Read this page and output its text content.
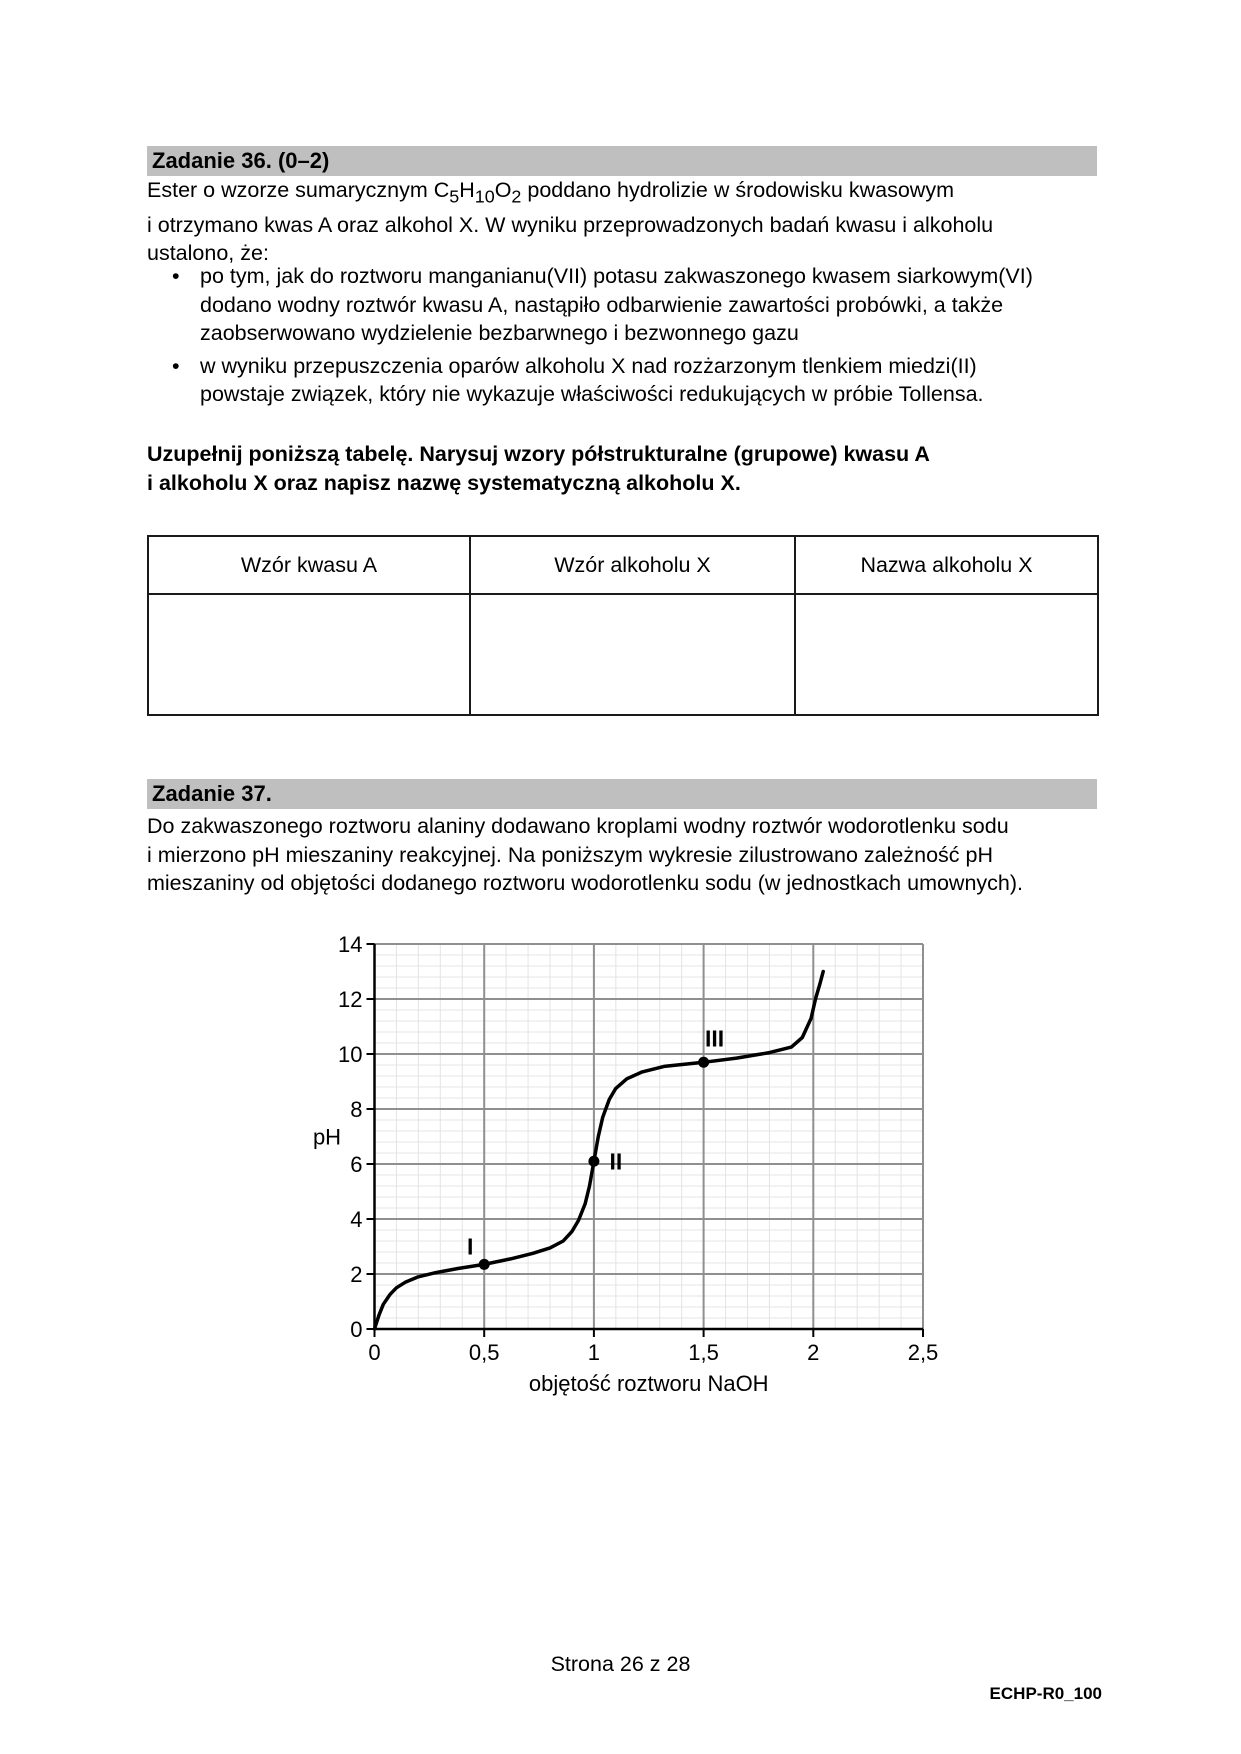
Zadanie 36. (0–2)

Ester o wzorze sumarycznym $C_5H_{10}O_2$ poddano hydrolizie w środowisku kwasowym
i otrzymano kwas A oraz alkohol X. W wyniku przeprowadzonych badań kwasu i alkoholu
ustalono, że:

• po tym, jak do roztworu manganianu(VII) potasu zakwaszonego kwasem siarkowym(VI)
dodano wodny roztwór kwasu A, nastąpiło odbarwienie zawartości probówki, a także
zaobserwowano wydzielenie bezbarwnego i bezwonnego gazu
• w wyniku przepuszczenia oparów alkoholu X nad rozżarzonym tlenkiem miedzi(II)
powstaje związek, który nie wykazuje właściwości redukujących w próbie Tollensa.

Uzupełnij poniższą tabelę. Narysuj wzory półstrukturalne (grupowe) kwasu A
i alkoholu X oraz napisz nazwę systematyczną alkoholu X.

Wzór kwasu A	Wzór alkoholu X	Nazwa alkoholu X

Zadanie 37.

Do zakwaszonego roztworu alaniny dodawano kroplami wodny roztwór wodorotlenku sodu
i mierzono pH mieszaniny reakcyjnej. Na poniższym wykresie zilustrowano zależność pH
mieszaniny od objętości dodanego roztworu wodorotlenku sodu (w jednostkach umownych).

0
2
4
6
8
10
12
14
0	0,5	1	1,5	2	2,5
pH
objętość roztworu NaOH
I
II
III
Strona 26 z 28
ECHP-R0_100
